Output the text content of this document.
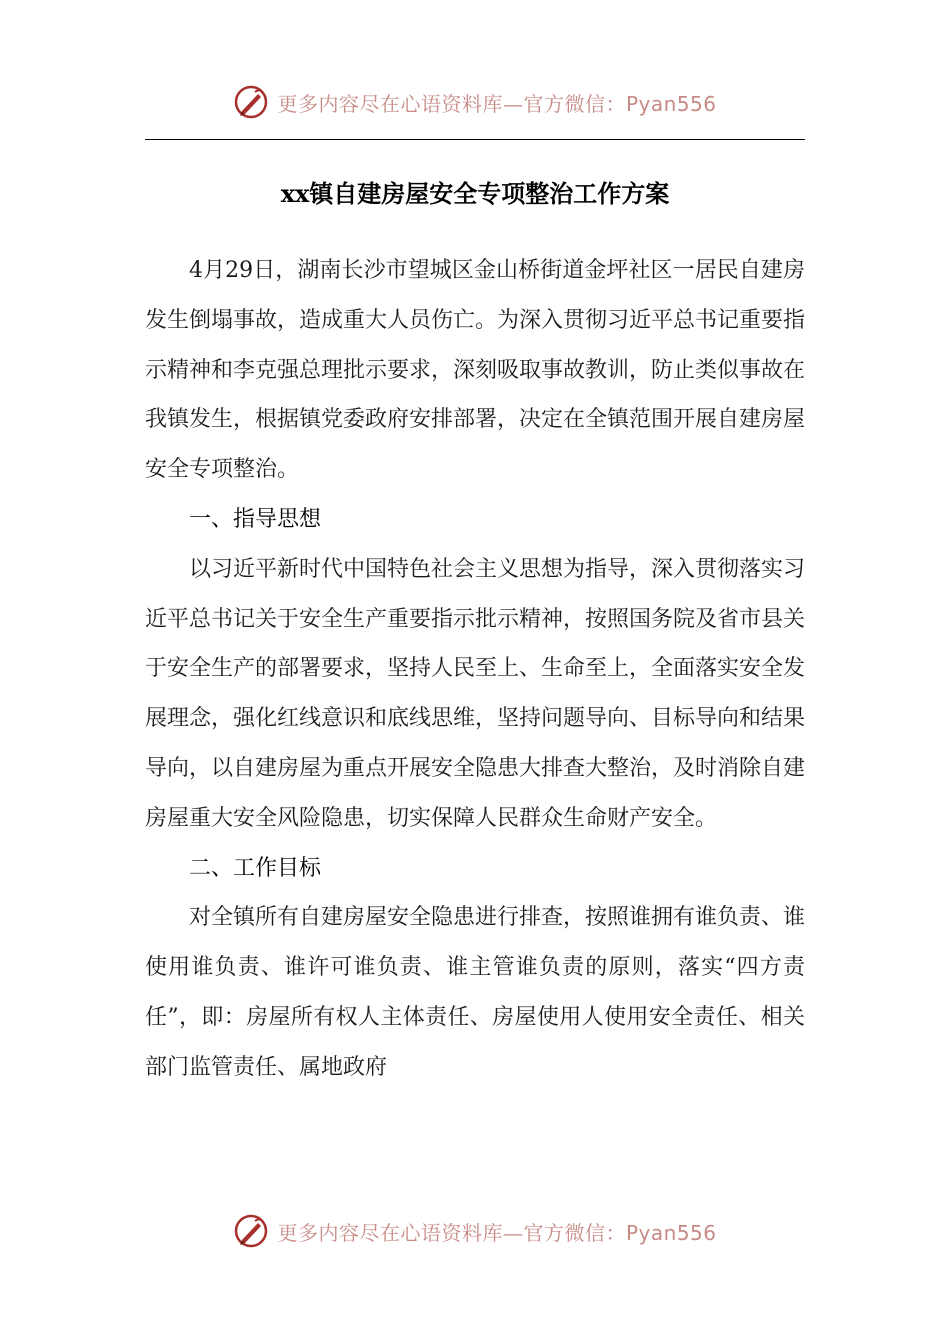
更多内容尽在心语资料库—官方微信：Pyan556
xx镇自建房屋安全专项整治工作方案

4月29日，湖南长沙市望城区金山桥街道金坪社区一居民自建房发生倒塌事故，造成重大人员伤亡。为深入贯彻习近平总书记重要指示精神和李克强总理批示要求，深刻吸取事故教训，防止类似事故在我镇发生，根据镇党委政府安排部署，决定在全镇范围开展自建房屋安全专项整治。

一、指导思想

以习近平新时代中国特色社会主义思想为指导，深入贯彻落实习近平总书记关于安全生产重要指示批示精神，按照国务院及省市县关于安全生产的部署要求，坚持人民至上、生命至上，全面落实安全发展理念，强化红线意识和底线思维，坚持问题导向、目标导向和结果导向，以自建房屋为重点开展安全隐患大排查大整治，及时消除自建房屋重大安全风险隐患，切实保障人民群众生命财产安全。

二、工作目标

对全镇所有自建房屋安全隐患进行排查，按照谁拥有谁负责、谁使用谁负责、谁许可谁负责、谁主管谁负责的原则，落实“四方责任”，即：房屋所有权人主体责任、房屋使用人使用安全责任、相关部门监管责任、属地政府

更多内容尽在心语资料库—官方微信：Pyan556
